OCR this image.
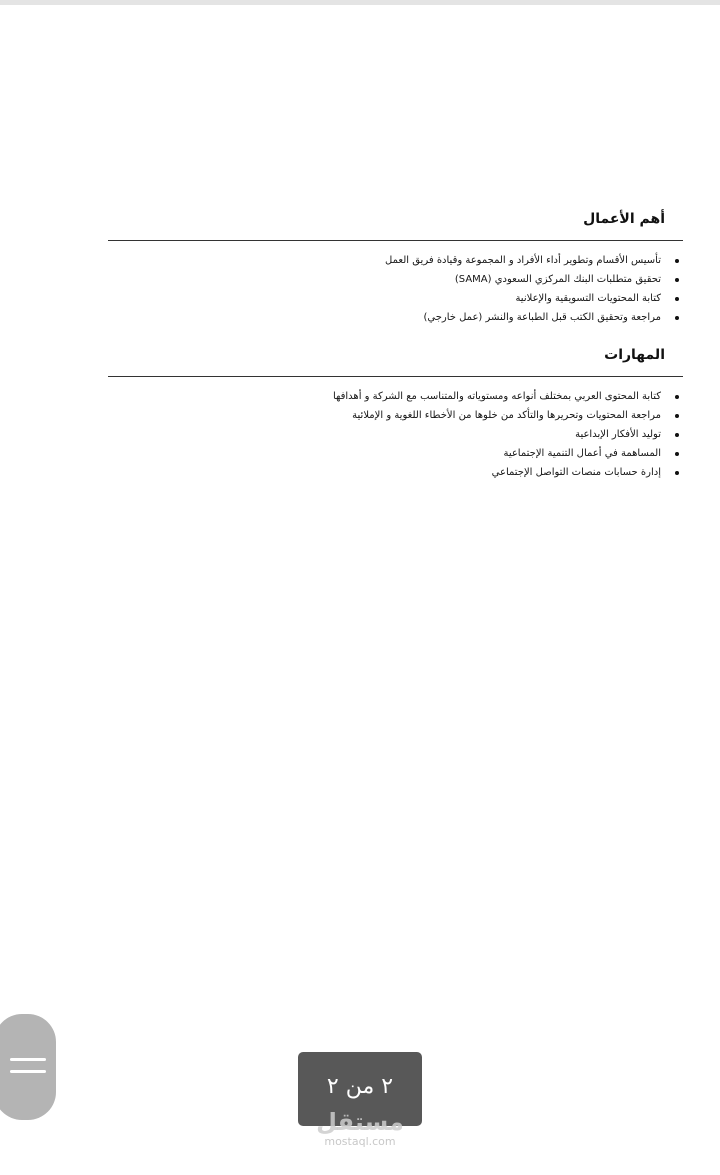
أهم الأعمال
تأسيس الأقسام وتطوير أداء الأفراد و المجموعة وقيادة فريق العمل
تحقيق متطلبات البنك المركزي السعودي (SAMA)
كتابة المحتويات التسويقية والإعلانية
مراجعة وتحقيق الكتب قبل الطباعة والنشر (عمل خارجي)
المهارات
كتابة المحتوى العربي بمختلف أنواعه ومستوياته والمتناسب مع الشركة و أهدافها
مراجعة المحتويات وتحريرها والتأكد من خلوها من الأخطاء اللغوية و الإملائية
توليد الأفكار الإبداعية
المساهمة في أعمال التنمية الإجتماعية
إدارة حسابات منصات التواصل الإجتماعي
٢ من ٢
مستقل
mostaql.com
